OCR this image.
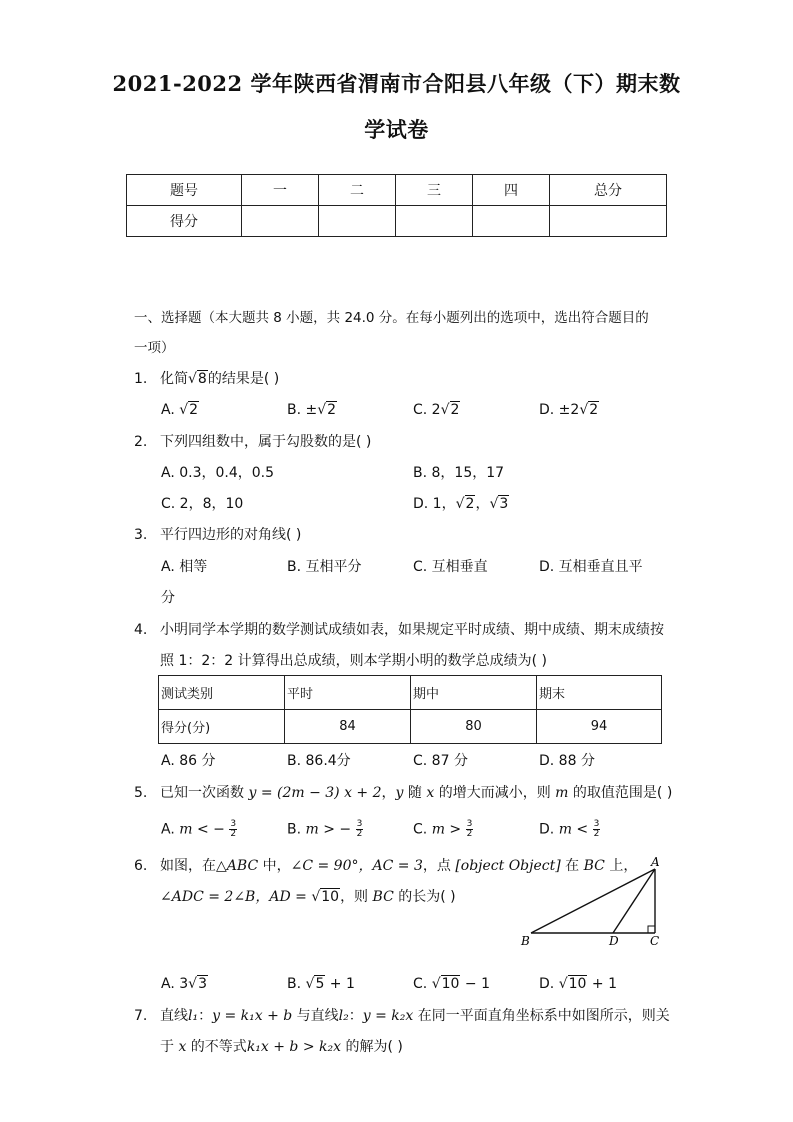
2021-2022 学年陕西省渭南市合阳县八年级（下）期末数
学试卷
题号	一	二	三	四	总分
得分					
一、选择题（本大题共 8 小题，共 24.0 分。在每小题列出的选项中，选出符合题目的
一项）
1. 化简√8的结果是( )
A. √2	B. ±√2	C. 2√2	D. ±2√2
2. 下列四组数中，属于勾股数的是( )
A. 0.3，0.4，0.5	B. 8，15，17
C. 2，8，10	D. 1，√2，√3
3. 平行四边形的对角线( )
A. 相等	B. 互相平分	C. 互相垂直	D. 互相垂直且平
分
4. 小明同学本学期的数学测试成绩如表，如果规定平时成绩、期中成绩、期末成绩按
照 1：2：2 计算得出总成绩，则本学期小明的数学总成绩为( )
测试类别	平时	期中	期末
得分(分)	84	80	94
A. 86 分	B. 86.4分	C. 87 分	D. 88 分
5. 已知一次函数 y = (2m − 3) x + 2，y 随 x 的增大而减小，则 m 的取值范围是( )
A. m < − $\frac{3}{2}$	B. m > − $\frac{3}{2}$	C. $m > \frac{3}{2}$	D. $m < \frac{3}{2}$
6. 如图，在△ABC 中，∠C = 90°，AC = 3，点 [object Object] 在 BC 上，
∠ADC = 2∠B，AD = √10，则 BC 的长为( )
A
B	C
D
A. 3√3	B. √5 + 1	C. √10 − 1	D. √10 + 1
7. 直线l₁：y = k₁x + b 与直线l₂：y = k₂x 在同一平面直角坐标系中如图所示，则关
于 x 的不等式k₁x + b > k₂x 的解为( )
